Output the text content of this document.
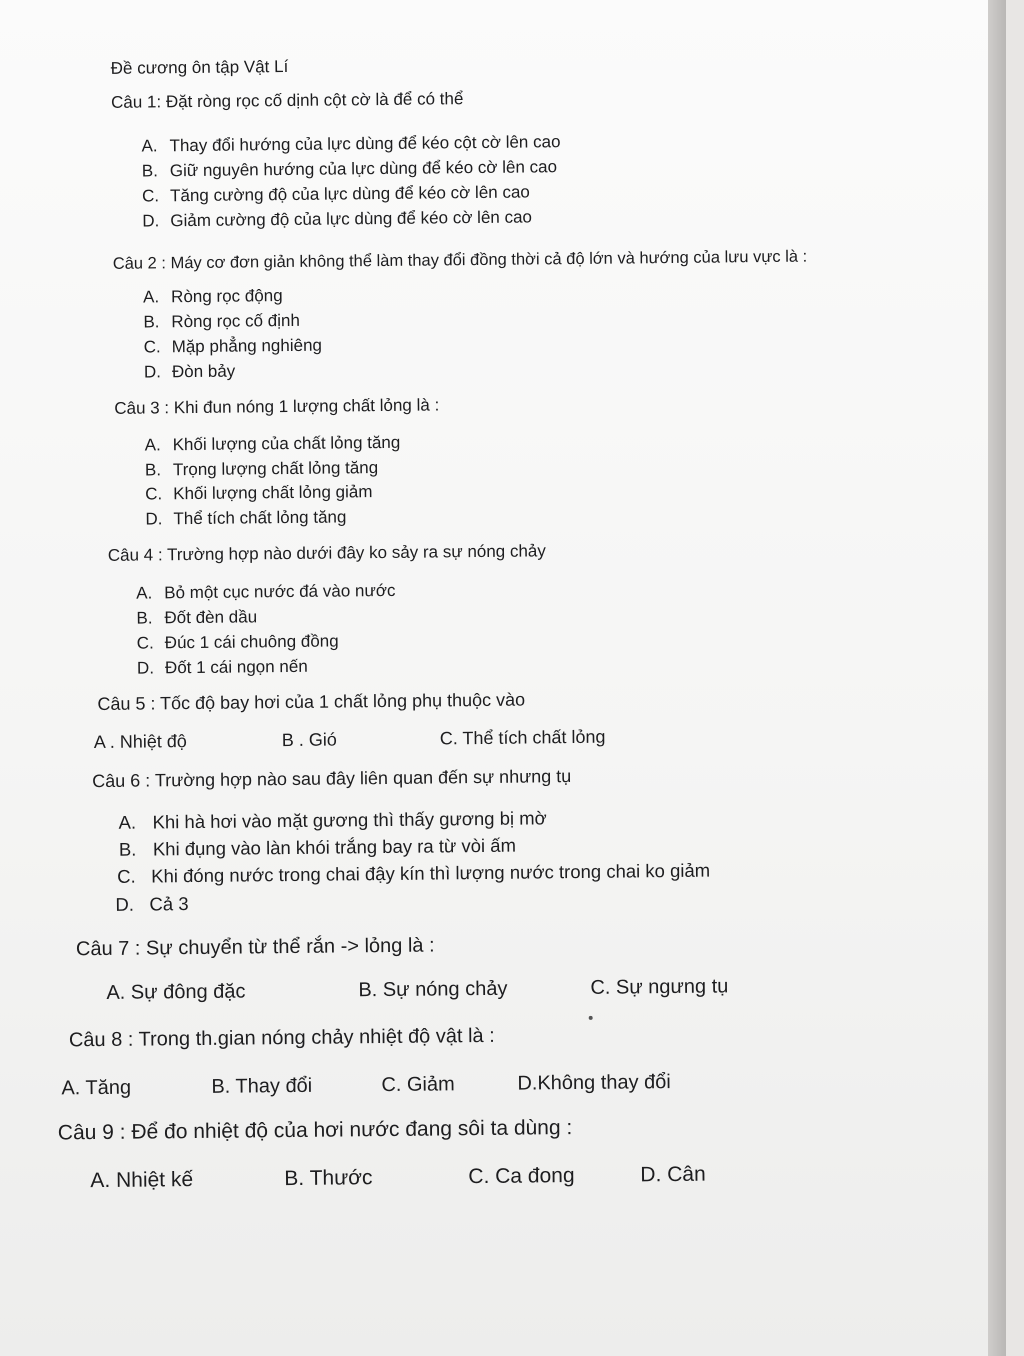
Đề cương ôn tập Vật Lí
Câu 1: Đặt ròng rọc cố dịnh cột cờ là để có thể
A. Thay đổi hướng của lực dùng để kéo cột cờ lên cao
B. Giữ nguyên hướng của lực dùng để kéo cờ lên cao
C. Tăng cường độ của lực dùng để kéo cờ lên cao
D. Giảm cường độ của lực dùng để kéo cờ lên cao
Câu 2 : Máy cơ đơn giản không thể làm thay đổi đồng thời cả độ lớn và hướng của lưu vực là :
A. Ròng rọc động
B. Ròng rọc cố định
C. Mặp phẳng nghiêng
D. Đòn bảy
Câu 3 : Khi đun nóng 1 lượng chất lỏng là :
A. Khối lượng của chất lỏng tăng
B. Trọng lượng chất lỏng tăng
C. Khối lượng chất lỏng giảm
D. Thể tích chất lỏng tăng
Câu 4 : Trường hợp nào dưới đây ko sảy ra sự nóng chảy
A. Bỏ một cục nước đá vào nước
B. Đốt đèn dầu
C. Đúc 1 cái chuông đồng
D. Đốt 1 cái ngọn nến
Câu 5 : Tốc độ bay hơi của 1 chất lỏng phụ thuộc vào
A . Nhiệt độ	B . Gió	C. Thể tích chất lỏng
Câu 6 : Trường hợp nào sau đây liên quan đến sự nhưng tụ
A. Khi hà hơi vào mặt gương thì thấy gương bị mờ
B. Khi đụng vào làn khói trắng bay ra từ vòi ấm
C. Khi đóng nước trong chai đậy kín thì lượng nước trong chai ko giảm
D. Cả 3
Câu 7 : Sự chuyển từ thể rắn -> lỏng là :
A. Sự đông đặc	B. Sự nóng chảy	C. Sự ngưng tụ
Câu 8 : Trong th.gian nóng chảy nhiệt độ vật là :
A. Tăng	B. Thay đổi	C. Giảm	D.Không thay đổi
Câu 9 : Để đo nhiệt độ của hơi nước đang sôi ta dùng :
A. Nhiệt kế	B. Thước	C. Ca đong	D. Cân
